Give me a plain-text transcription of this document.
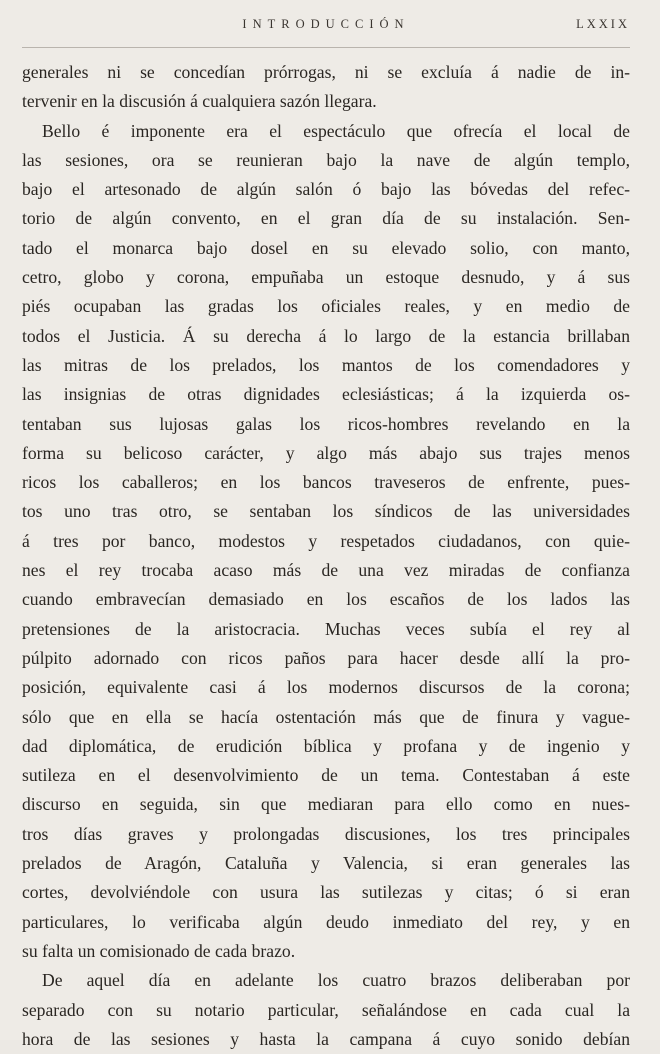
INTRODUCCIÓN	LXXIX
generales ni se concedían prórrogas, ni se excluía á nadie de in-
tervenir en la discusión á cualquiera sazón llegara.
Bello é imponente era el espectáculo que ofrecía el local de
las sesiones, ora se reunieran bajo la nave de algún templo,
bajo el artesonado de algún salón ó bajo las bóvedas del refec-
torio de algún convento, en el gran día de su instalación. Sen-
tado el monarca bajo dosel en su elevado solio, con manto,
cetro, globo y corona, empuñaba un estoque desnudo, y á sus
piés ocupaban las gradas los oficiales reales, y en medio de
todos el Justicia. Á su derecha á lo largo de la estancia brillaban
las mitras de los prelados, los mantos de los comendadores y
las insignias de otras dignidades eclesiásticas; á la izquierda os-
tentaban sus lujosas galas los ricos-hombres revelando en la
forma su belicoso carácter, y algo más abajo sus trajes menos
ricos los caballeros; en los bancos traveseros de enfrente, pues-
tos uno tras otro, se sentaban los síndicos de las universidades
á tres por banco, modestos y respetados ciudadanos, con quie-
nes el rey trocaba acaso más de una vez miradas de confianza
cuando embravecían demasiado en los escaños de los lados las
pretensiones de la aristocracia. Muchas veces subía el rey al
púlpito adornado con ricos paños para hacer desde allí la pro-
posición, equivalente casi á los modernos discursos de la corona;
sólo que en ella se hacía ostentación más que de finura y vague-
dad diplomática, de erudición bíblica y profana y de ingenio y
sutileza en el desenvolvimiento de un tema. Contestaban á este
discurso en seguida, sin que mediaran para ello como en nues-
tros días graves y prolongadas discusiones, los tres principales
prelados de Aragón, Cataluña y Valencia, si eran generales las
cortes, devolviéndole con usura las sutilezas y citas; ó si eran
particulares, lo verificaba algún deudo inmediato del rey, y en
su falta un comisionado de cada brazo.
De aquel día en adelante los cuatro brazos deliberaban por
separado con su notario particular, señalándose en cada cual la
hora de las sesiones y hasta la campana á cuyo sonido debían
